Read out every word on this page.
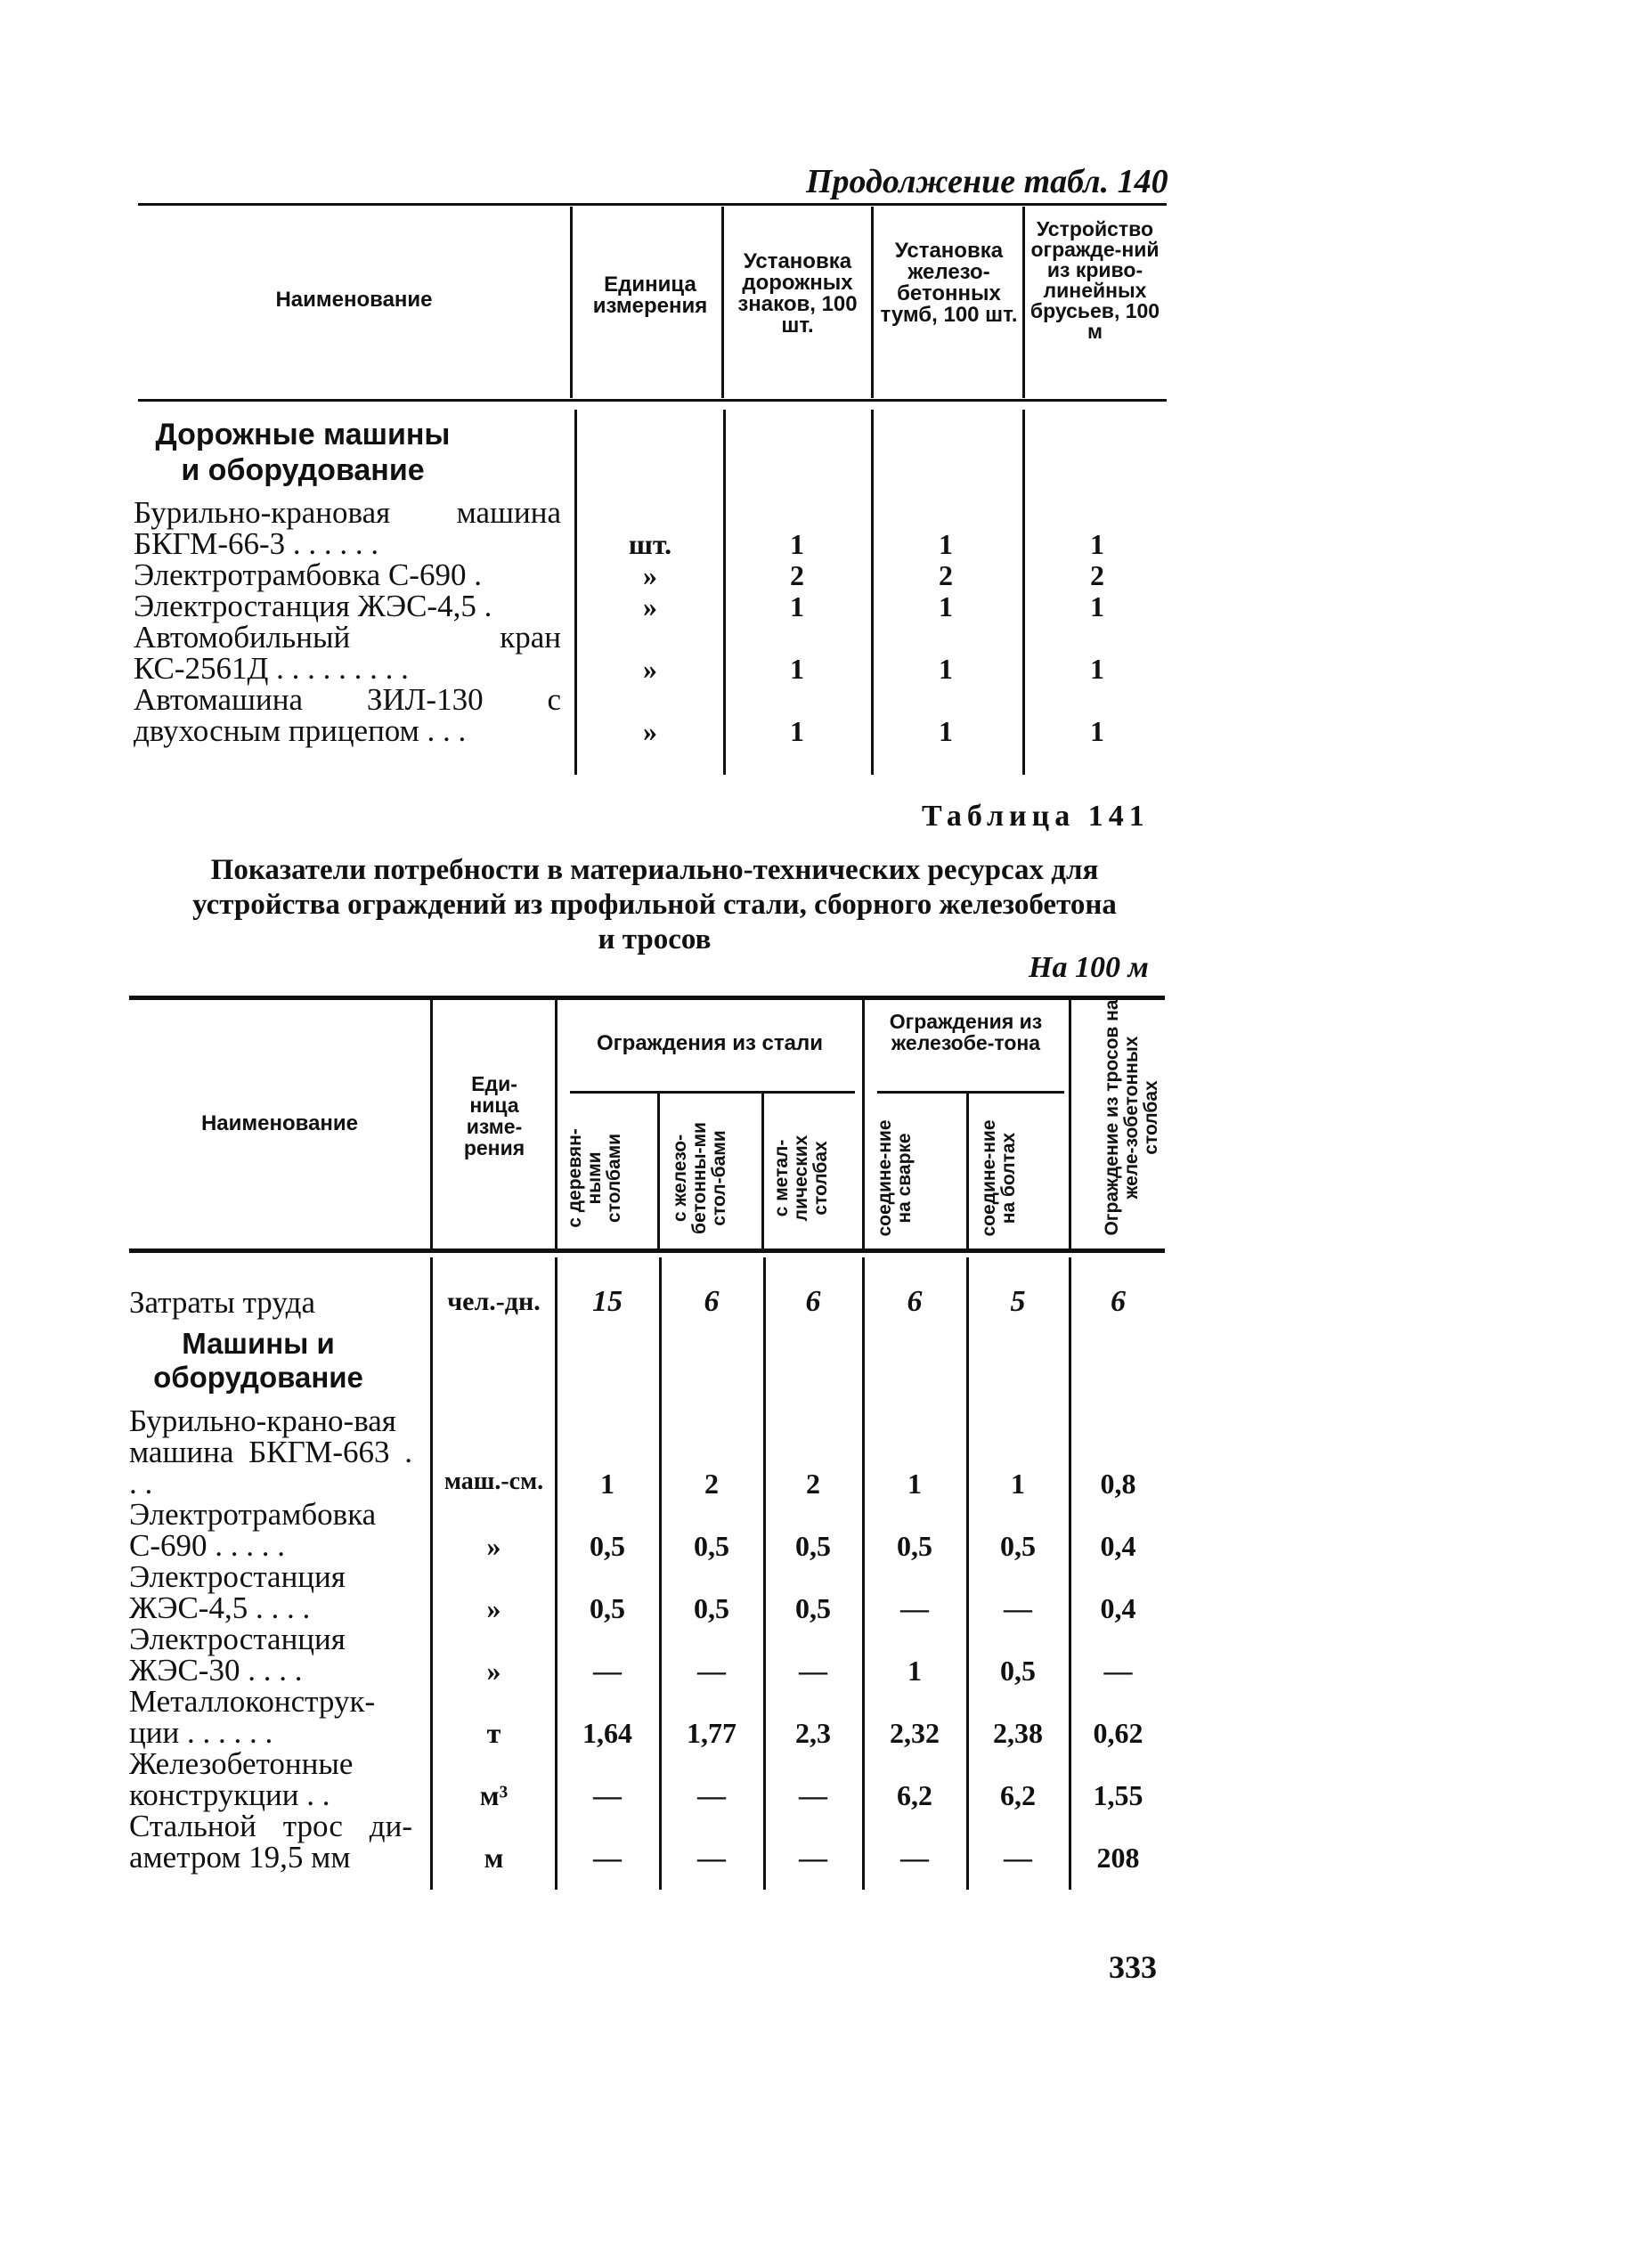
Продолжение табл. 140
Наименование
Единица измерения
Установка дорожных знаков, 100 шт.
Установка железо-бетонных тумб, 100 шт.
Устройство огражде-ний из криво-линейных брусьев, 100 м
Дорожные машины и оборудование
Бурильно-крановая машина БКГМ-66-3 . . . . . .	шт.	1	1	1
Электротрамбовка С-690 .	»	2	2	2
Электростанция ЖЭС-4,5 .	»	1	1	1
Автомобильный кран КС-2561Д . . . . . . . . .	»	1	1	1
Автомашина ЗИЛ-130 с двухосным прицепом . . .	»	1	1	1
Таблица 141
Показатели потребности в материально-технических ресурсах для устройства ограждений из профильной стали, сборного железобетона и тросов
На 100 м
Наименование
Еди-ница изме-рения
Ограждения из стали
Ограждения из железобе-тона
с деревян-ными столбами	с железо-бетонны-ми стол-бами	с метал-лических столбах	соедине-ние на сварке	соедине-ние на болтах	Ограждение из тросов на желе-зобетонных столбах
Затраты труда	чел.-дн.	15	6	6	6	5	6
Машины и оборудование
Бурильно-крано-вая машина БКГМ-663 . . .	маш.-см.	1	2	2	1	1	0,8
Электротрамбовка С-690 . . . . .	»	0,5	0,5	0,5	0,5	0,5	0,4
Электростанция ЖЭС-4,5 . . . .	»	0,5	0,5	0,5	—	—	0,4
Электростанция ЖЭС-30 . . . .	»	—	—	—	1	0,5	—
Металлоконструк-ции . . . . . .	т	1,64	1,77	2,3	2,32	2,38	0,62
Железобетонные конструкции . .	м³	—	—	—	6,2	6,2	1,55
Стальной трос ди-аметром 19,5 мм	м	—	—	—	—	—	208
333
